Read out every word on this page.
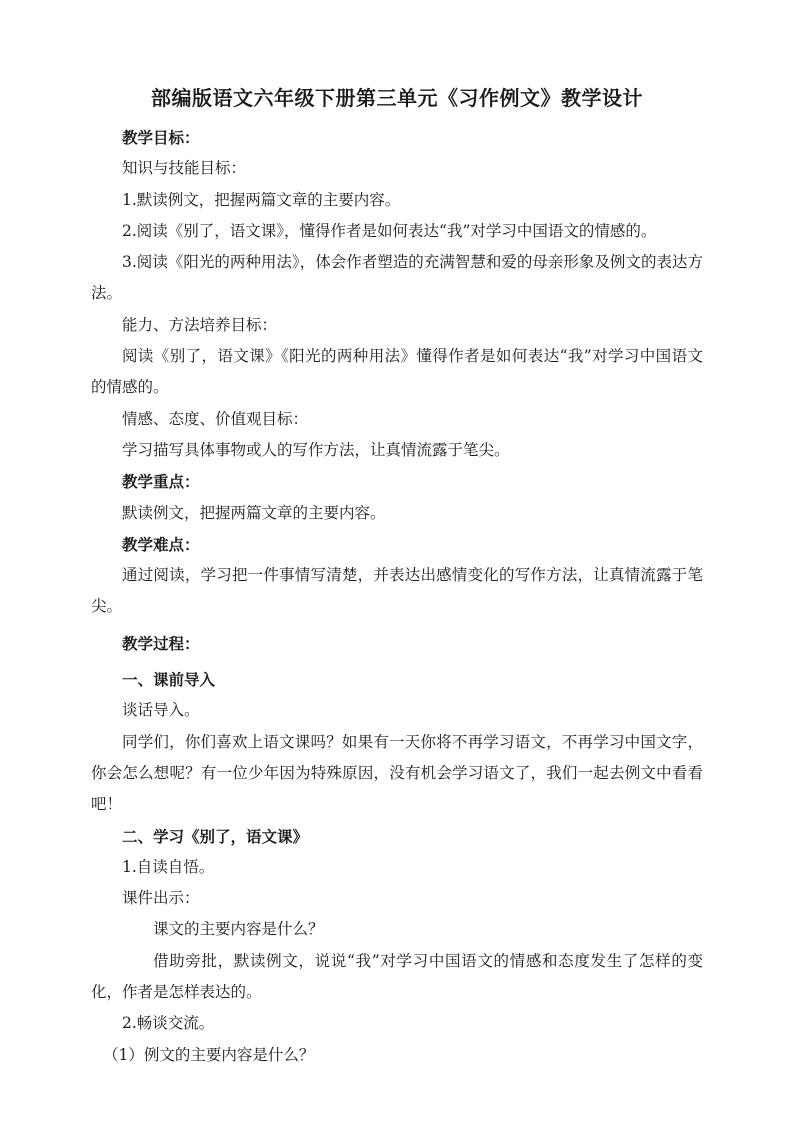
部编版语文六年级下册第三单元《习作例文》教学设计

教学目标：

知识与技能目标：

1.默读例文，把握两篇文章的主要内容。

2.阅读《别了，语文课》，懂得作者是如何表达“我”对学习中国语文的情感的。

3.阅读《阳光的两种用法》，体会作者塑造的充满智慧和爱的母亲形象及例文的表达方法。

能力、方法培养目标：

阅读《别了，语文课》《阳光的两种用法》懂得作者是如何表达“我”对学习中国语文的情感的。

情感、态度、价值观目标：

学习描写具体事物或人的写作方法，让真情流露于笔尖。

教学重点：

默读例文，把握两篇文章的主要内容。

教学难点：

通过阅读，学习把一件事情写清楚，并表达出感情变化的写作方法，让真情流露于笔尖。

教学过程：

一、课前导入

谈话导入。

同学们，你们喜欢上语文课吗？如果有一天你将不再学习语文，不再学习中国文字，你会怎么想呢？有一位少年因为特殊原因，没有机会学习语文了，我们一起去例文中看看吧！

二、学习《别了，语文课》

1.自读自悟。

课件出示：

课文的主要内容是什么？

借助旁批，默读例文，说说“我”对学习中国语文的情感和态度发生了怎样的变化，作者是怎样表达的。

2.畅谈交流。

（1）例文的主要内容是什么？
